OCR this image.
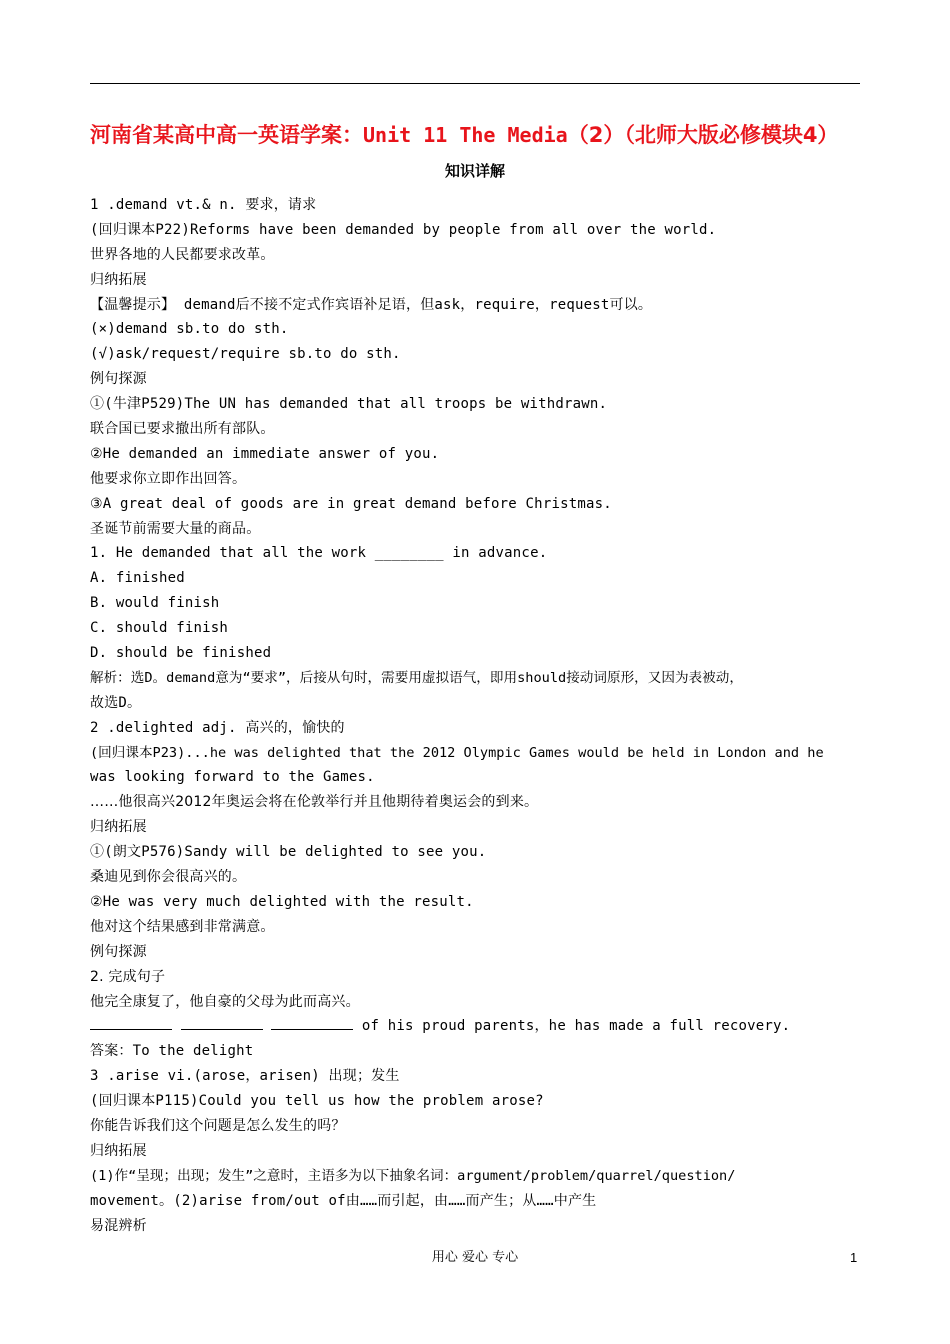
河南省某高中高一英语学案：Unit 11 The Media（2）（北师大版必修模块4）
知识详解
1 .demand vt.& n. 要求，请求
(回归课本P22)Reforms have been demanded by people from all over the world.
世界各地的人民都要求改革。
归纳拓展
【温馨提示】 demand后不接不定式作宾语补足语，但ask，require，request可以。
(×)demand sb.to do sth.
(√)ask/request/require sb.to do sth.
例句探源
①(牛津P529)The UN has demanded that all troops be withdrawn.
联合国已要求撤出所有部队。
②He demanded an immediate answer of you.
他要求你立即作出回答。
③A great deal of goods are in great demand before Christmas.
圣诞节前需要大量的商品。
1. He demanded that all the work ________ in advance.
A. finished
B. would finish
C. should finish
D. should be finished
解析：选D。demand意为“要求”，后接从句时，需要用虚拟语气，即用should接动词原形，又因为表被动，
故选D。
2 .delighted adj. 高兴的，愉快的
(回归课本P23)...he was delighted that the 2012 Olympic Games would be held in London and he
was looking forward to the Games.
……他很高兴2012年奥运会将在伦敦举行并且他期待着奥运会的到来。
归纳拓展
①(朗文P576)Sandy will be delighted to see you.
桑迪见到你会很高兴的。
②He was very much delighted with the result.
他对这个结果感到非常满意。
例句探源
2. 完成句子
他完全康复了，他自豪的父母为此而高兴。
of his proud parents，he has made a full recovery.
答案：To the delight
3 .arise vi.(arose，arisen) 出现；发生
(回归课本P115)Could you tell us how the problem arose?
你能告诉我们这个问题是怎么发生的吗？
归纳拓展
(1)作“呈现；出现；发生”之意时，主语多为以下抽象名词：argument/problem/quarrel/question/
movement。(2)arise from/out of由……而引起，由……而产生；从……中产生
易混辨析
用心 爱心 专心	1
